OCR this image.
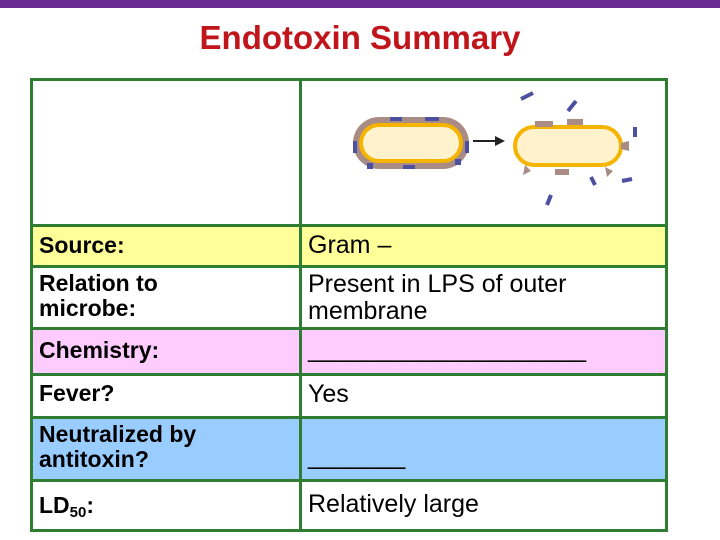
Endotoxin Summary
Source:
Relation to microbe:
Chemistry:
Fever?
Neutralized by antitoxin?
$LD_{50}$:
Gram –
Present in LPS of outer membrane
____________________
Yes
_______
Relatively large
